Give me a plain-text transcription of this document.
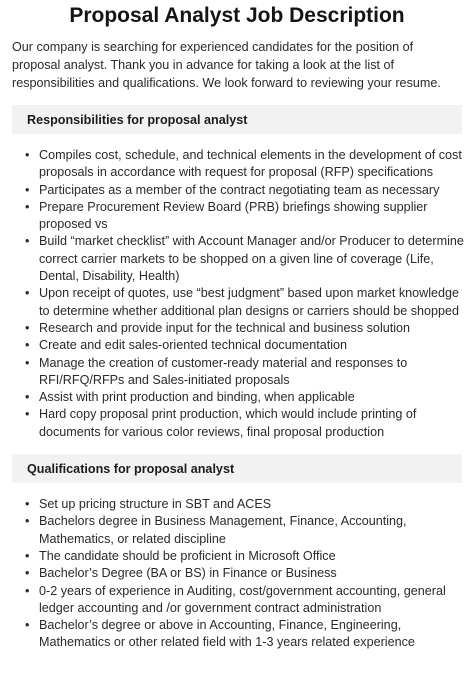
Proposal Analyst Job Description

Our company is searching for experienced candidates for the position of proposal analyst. Thank you in advance for taking a look at the list of responsibilities and qualifications. We look forward to reviewing your resume.

Responsibilities for proposal analyst
• Compiles cost, schedule, and technical elements in the development of cost proposals in accordance with request for proposal (RFP) specifications
• Participates as a member of the contract negotiating team as necessary
• Prepare Procurement Review Board (PRB) briefings showing supplier proposed vs
• Build “market checklist” with Account Manager and/or Producer to determine correct carrier markets to be shopped on a given line of coverage (Life, Dental, Disability, Health)
• Upon receipt of quotes, use “best judgment” based upon market knowledge to determine whether additional plan designs or carriers should be shopped
• Research and provide input for the technical and business solution
• Create and edit sales-oriented technical documentation
• Manage the creation of customer-ready material and responses to RFI/RFQ/RFPs and Sales-initiated proposals
• Assist with print production and binding, when applicable
• Hard copy proposal print production, which would include printing of documents for various color reviews, final proposal production
Qualifications for proposal analyst
• Set up pricing structure in SBT and ACES
• Bachelors degree in Business Management, Finance, Accounting, Mathematics, or related discipline
• The candidate should be proficient in Microsoft Office
• Bachelor’s Degree (BA or BS) in Finance or Business
• 0-2 years of experience in Auditing, cost/government accounting, general ledger accounting and /or government contract administration
• Bachelor’s degree or above in Accounting, Finance, Engineering, Mathematics or other related field with 1-3 years related experience
